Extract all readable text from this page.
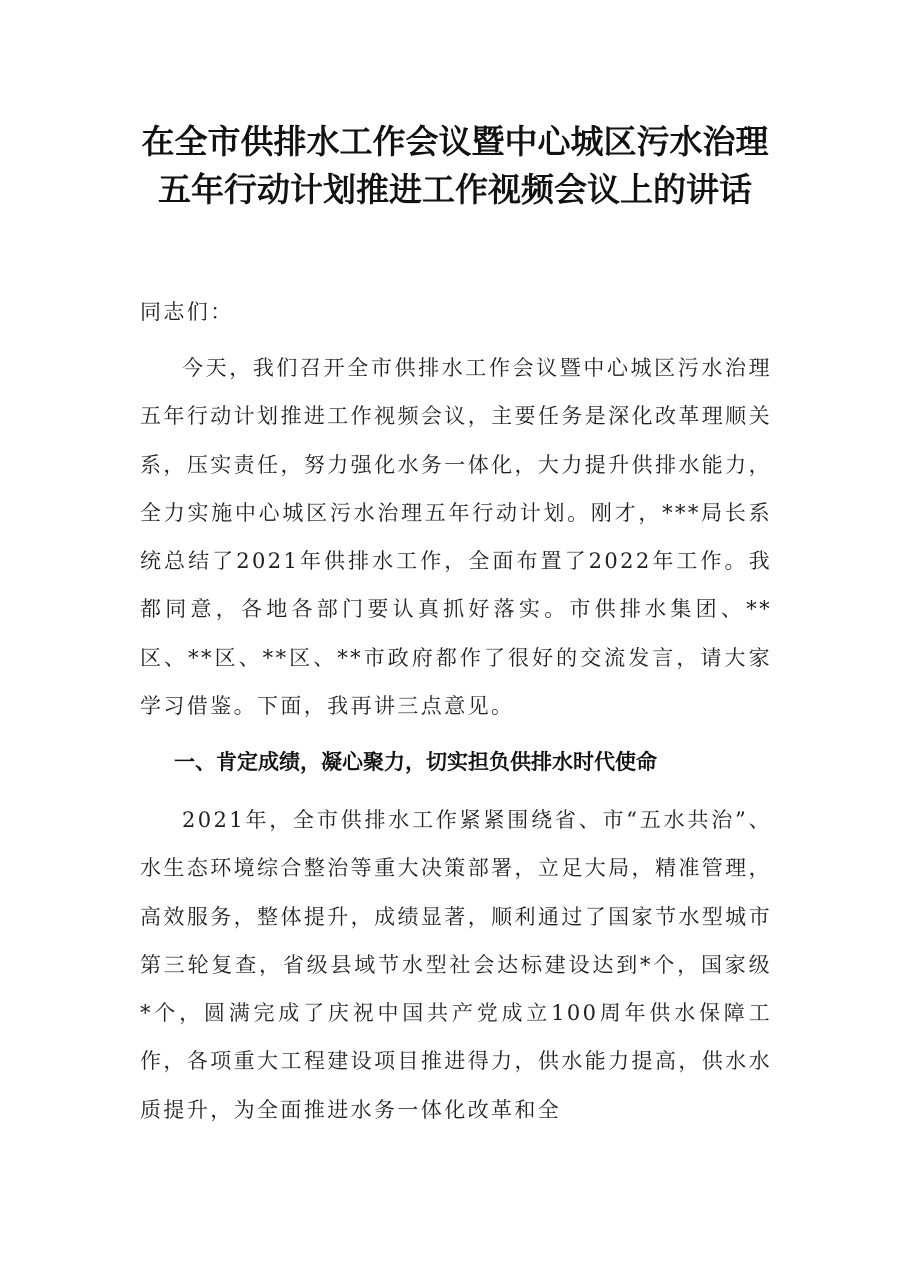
在全市供排水工作会议暨中心城区污水治理五年行动计划推进工作视频会议上的讲话

同志们：

今天，我们召开全市供排水工作会议暨中心城区污水治理五年行动计划推进工作视频会议，主要任务是深化改革理顺关系，压实责任，努力强化水务一体化，大力提升供排水能力，全力实施中心城区污水治理五年行动计划。刚才，***局长系统总结了2021年供排水工作，全面布置了2022年工作。我都同意，各地各部门要认真抓好落实。市供排水集团、**区、**区、**区、**市政府都作了很好的交流发言，请大家学习借鉴。下面，我再讲三点意见。

一、肯定成绩，凝心聚力，切实担负供排水时代使命

2021年，全市供排水工作紧紧围绕省、市“五水共治”、水生态环境综合整治等重大决策部署，立足大局，精准管理，高效服务，整体提升，成绩显著，顺利通过了国家节水型城市第三轮复查，省级县域节水型社会达标建设达到*个，国家级*个，圆满完成了庆祝中国共产党成立100周年供水保障工作，各项重大工程建设项目推进得力，供水能力提高，供水水质提升，为全面推进水务一体化改革和全
